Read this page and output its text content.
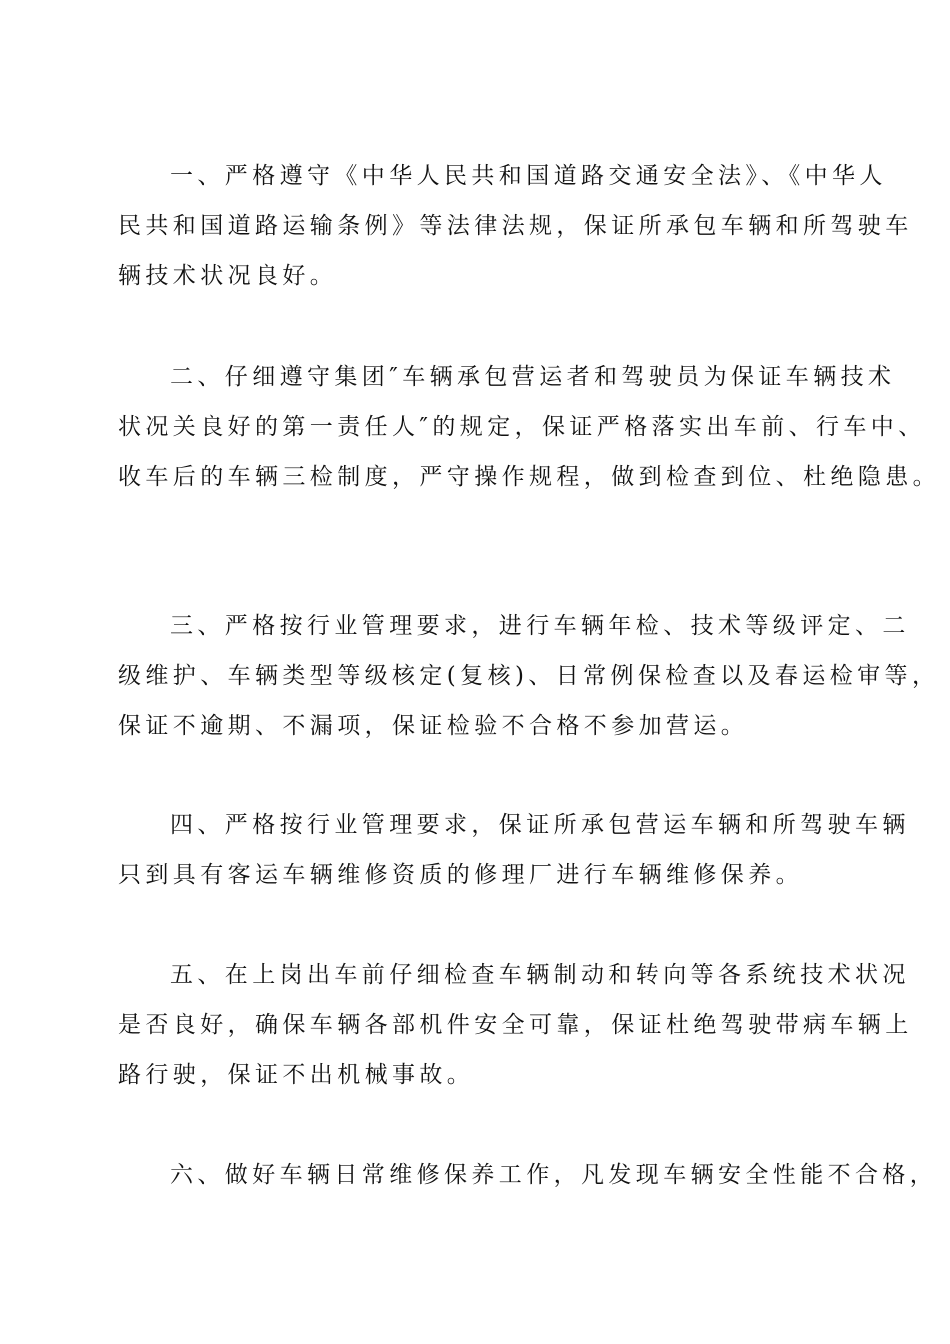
一、严格遵守《中华人民共和国道路交通安全法》、《中华人
民共和国道路运输条例》等法律法规，保证所承包车辆和所驾驶车
辆技术状况良好。
二、仔细遵守集团″车辆承包营运者和驾驶员为保证车辆技术
状况关良好的第一责任人″的规定，保证严格落实出车前、行车中、
收车后的车辆三检制度，严守操作规程，做到检查到位、杜绝隐患。
三、严格按行业管理要求，进行车辆年检、技术等级评定、二
级维护、车辆类型等级核定(复核)、日常例保检查以及春运检审等，
保证不逾期、不漏项，保证检验不合格不参加营运。
四、严格按行业管理要求，保证所承包营运车辆和所驾驶车辆
只到具有客运车辆维修资质的修理厂进行车辆维修保养。
五、在上岗出车前仔细检查车辆制动和转向等各系统技术状况
是否良好，确保车辆各部机件安全可靠，保证杜绝驾驶带病车辆上
路行驶，保证不出机械事故。
六、做好车辆日常维修保养工作，凡发现车辆安全性能不合格，
